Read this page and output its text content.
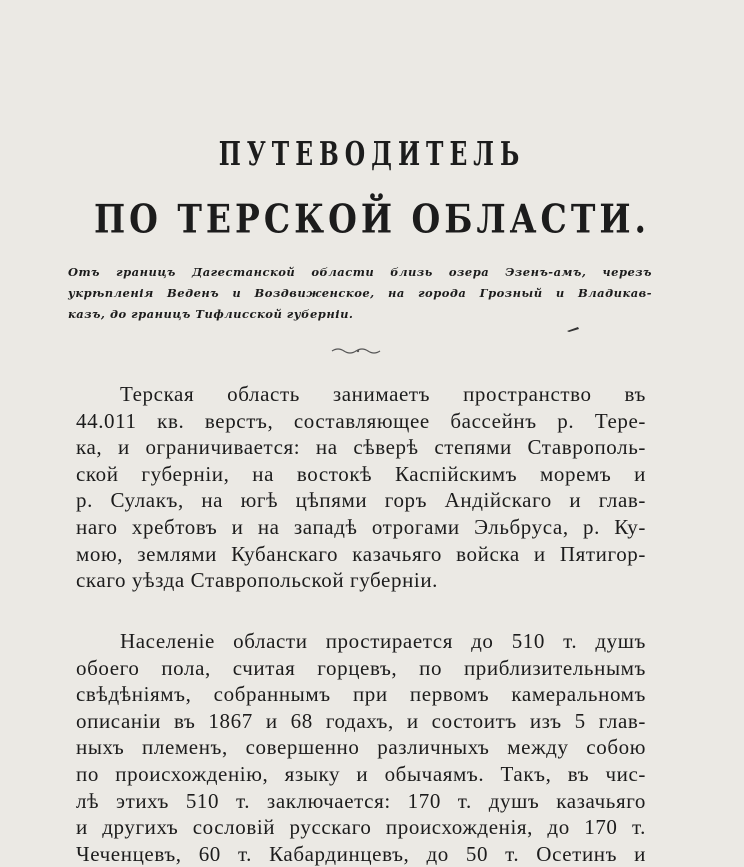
ПУТЕВОДИТЕЛЬ
ПО ТЕРСКОЙ ОБЛАСТИ.
Отъ границъ Дагестанской области близь озера Эзенъ-амъ, черезъ
укрѣпленія Веденъ и Воздвиженское, на города Грозный и Владикав-
казъ, до границъ Тифлисской губерніи.
Терская область занимаетъ пространство въ
44.011 кв. верстъ, составляющее бассейнъ р. Тере-
ка, и ограничивается: на сѣверѣ степями Ставрополь-
ской губерніи, на востокѣ Каспійскимъ моремъ и
р. Сулакъ, на югѣ цѣпями горъ Андійскаго и глав-
наго хребтовъ и на западѣ отрогами Эльбруса, р. Ку-
мою, землями Кубанскаго казачьяго войска и Пятигор-
скаго уѣзда Ставропольской губерніи.
Населеніе области простирается до 510 т. душъ
обоего пола, считая горцевъ, по приблизительнымъ
свѣдѣніямъ, собраннымъ при первомъ камеральномъ
описаніи въ 1867 и 68 годахъ, и состоитъ изъ 5 глав-
ныхъ племенъ, совершенно различныхъ между собою
по происхожденію, языку и обычаямъ. Такъ, въ чис-
лѣ этихъ 510 т. заключается: 170 т. душъ казачьяго
и другихъ сословій русскаго происхожденія, до 170 т.
Чеченцевъ, 60 т. Кабардинцевъ, до 50 т. Осетинъ и
